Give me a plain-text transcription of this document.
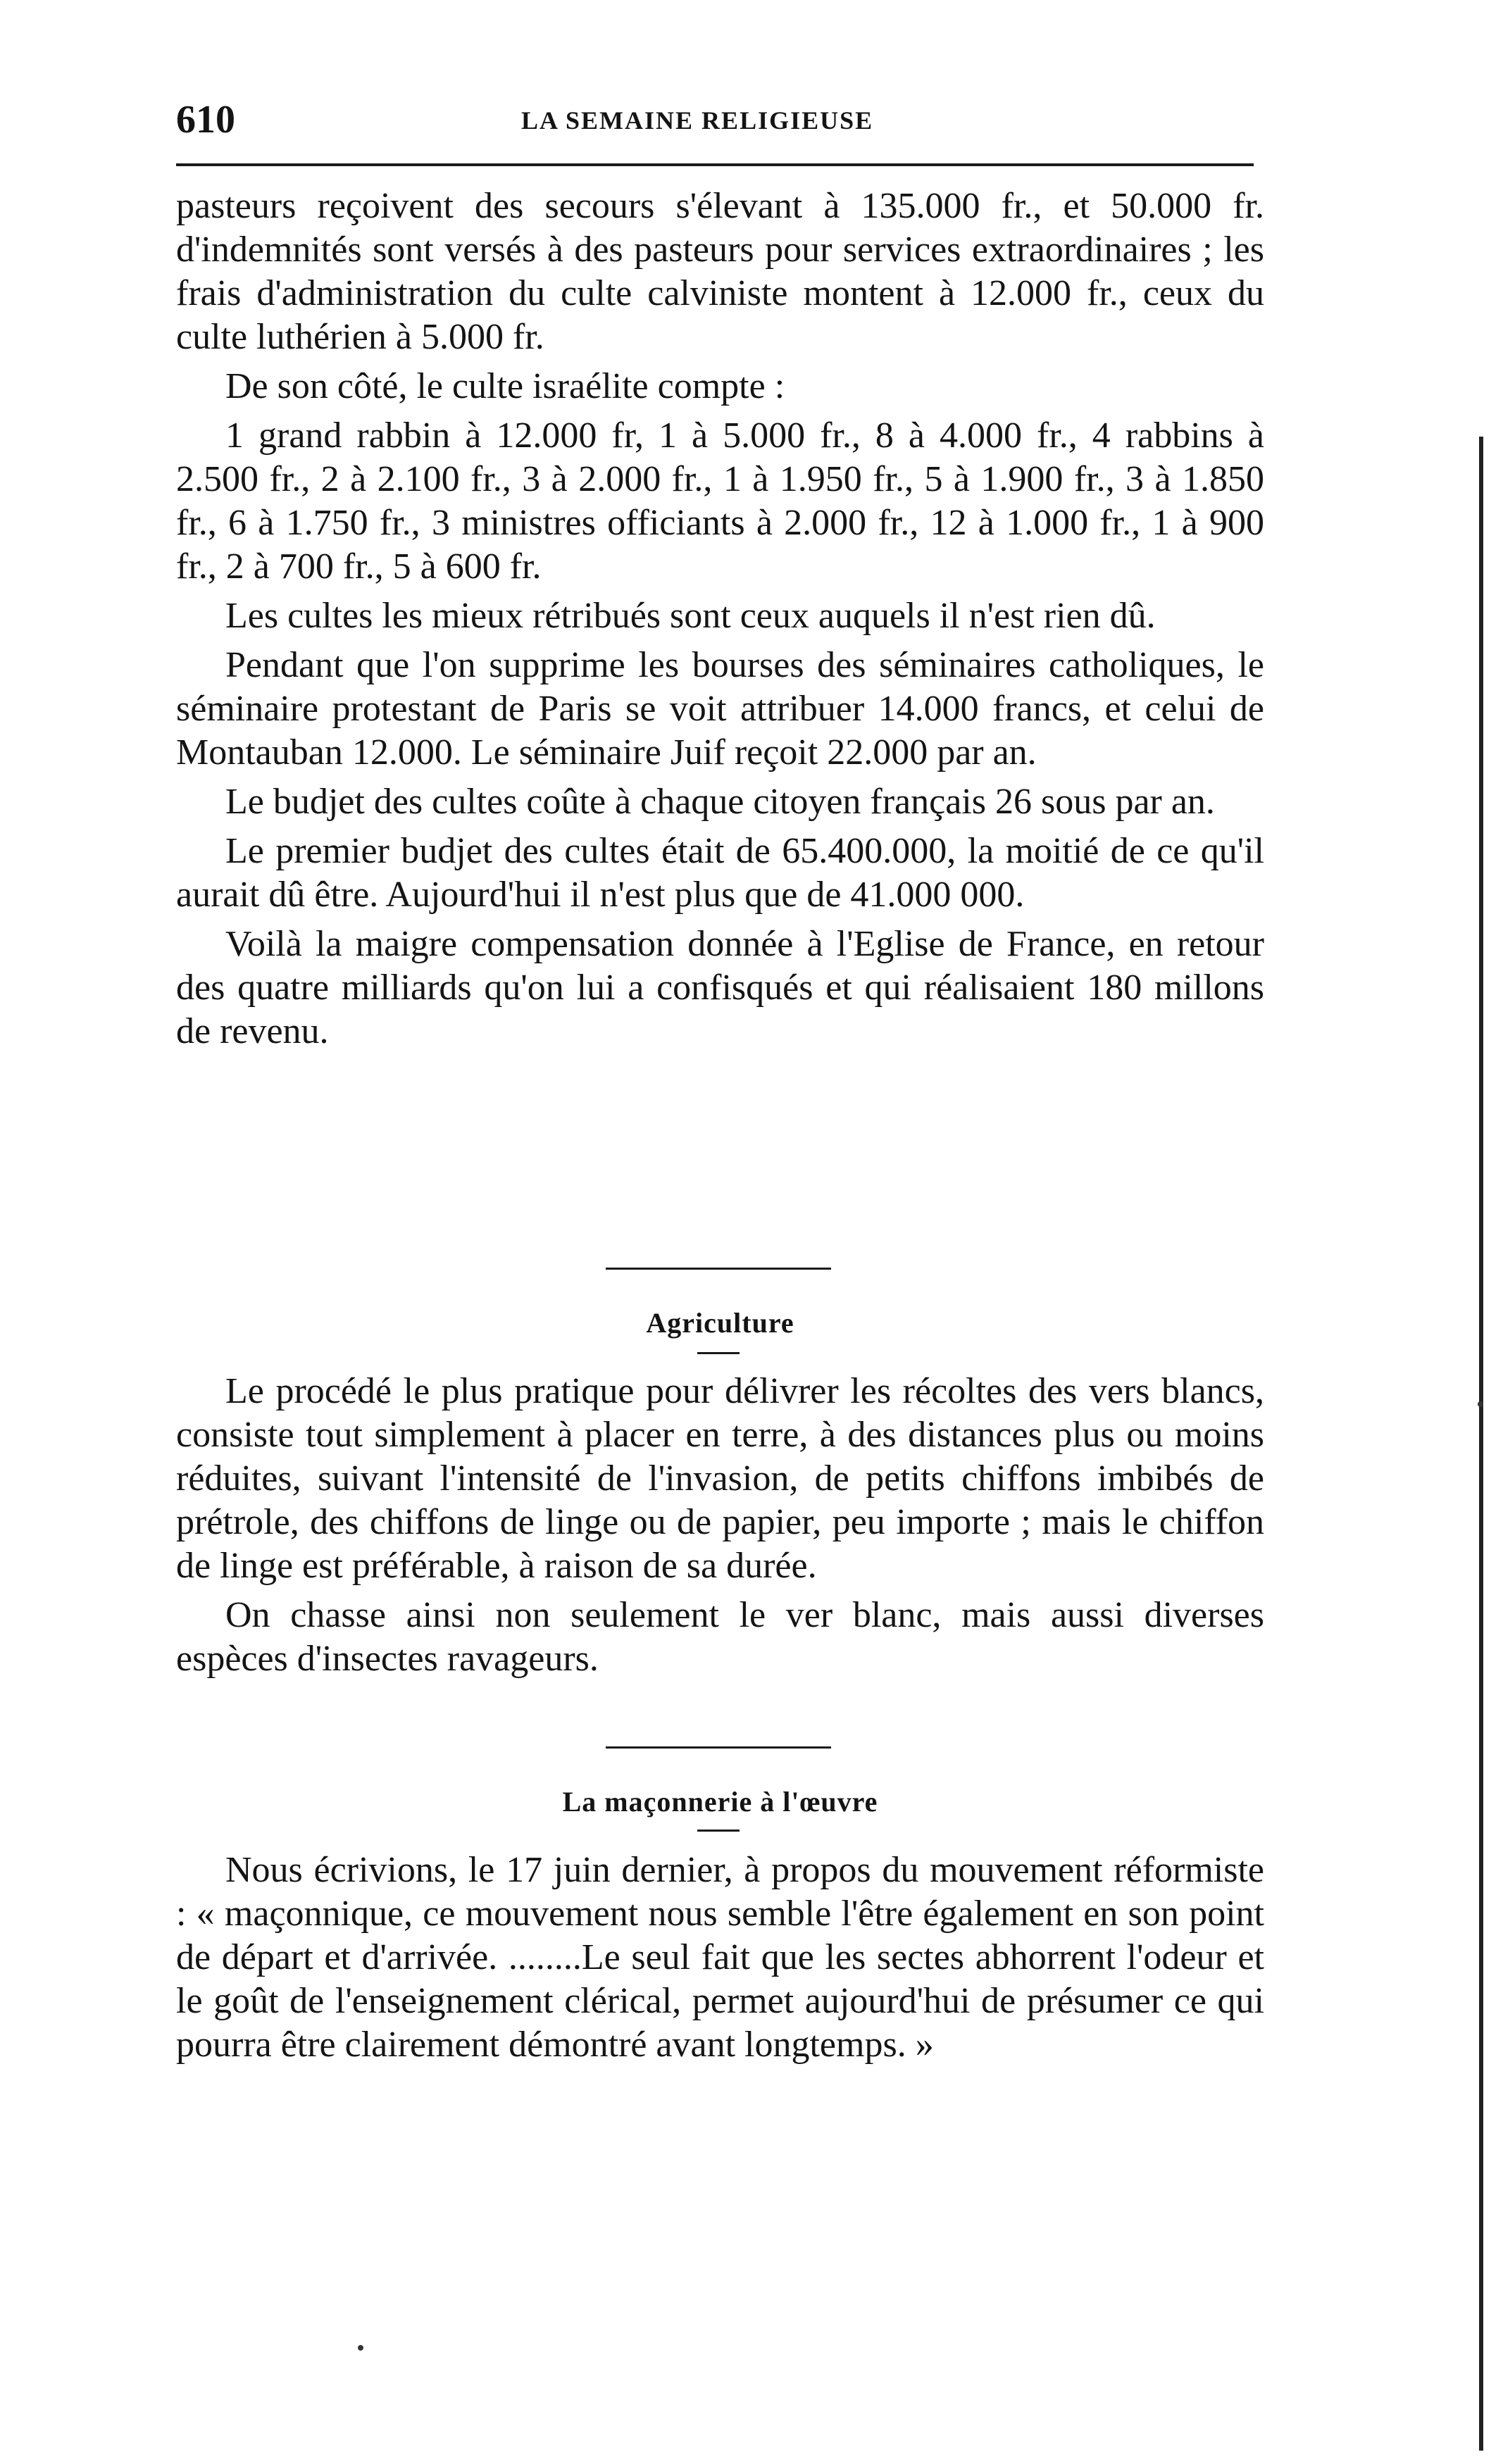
610	LA SEMAINE RELIGIEUSE

pasteurs reçoivent des secours s'élevant à 135.000 fr., et 50.000 fr. d'indemnités sont versés à des pasteurs pour services extraordinaires ; les frais d'administration du culte calviniste montent à 12.000 fr., ceux du culte luthérien à 5.000 fr.

De son côté, le culte israélite compte :

1 grand rabbin à 12.000 fr, 1 à 5.000 fr., 8 à 4.000 fr., 4 rabbins à 2.500 fr., 2 à 2.100 fr., 3 à 2.000 fr., 1 à 1.950 fr., 5 à 1.900 fr., 3 à 1.850 fr., 6 à 1.750 fr., 3 ministres officiants à 2.000 fr., 12 à 1.000 fr., 1 à 900 fr., 2 à 700 fr., 5 à 600 fr.

Les cultes les mieux rétribués sont ceux auquels il n'est rien dû.

Pendant que l'on supprime les bourses des séminaires catholiques, le séminaire protestant de Paris se voit attribuer 14.000 francs, et celui de Montauban 12.000. Le séminaire Juif reçoit 22.000 par an.

Le budjet des cultes coûte à chaque citoyen français 26 sous par an.

Le premier budjet des cultes était de 65.400.000, la moitié de ce qu'il aurait dû être. Aujourd'hui il n'est plus que de 41.000 000.

Voilà la maigre compensation donnée à l'Eglise de France, en retour des quatre milliards qu'on lui a confisqués et qui réalisaient 180 millons de revenu.

Agriculture

Le procédé le plus pratique pour délivrer les récoltes des vers blancs, consiste tout simplement à placer en terre, à des distances plus ou moins réduites, suivant l'intensité de l'invasion, de petits chiffons imbibés de prétrole, des chiffons de linge ou de papier, peu importe ; mais le chiffon de linge est préférable, à raison de sa durée.

On chasse ainsi non seulement le ver blanc, mais aussi diverses espèces d'insectes ravageurs.

La maçonnerie à l'œuvre

Nous écrivions, le 17 juin dernier, à propos du mouvement réformiste : « maçonnique, ce mouvement nous semble l'être également en son point de départ et d'arrivée. ........Le seul fait que les sectes abhorrent l'odeur et le goût de l'enseignement clérical, permet aujourd'hui de présumer ce qui pourra être clairement démontré avant longtemps. »
